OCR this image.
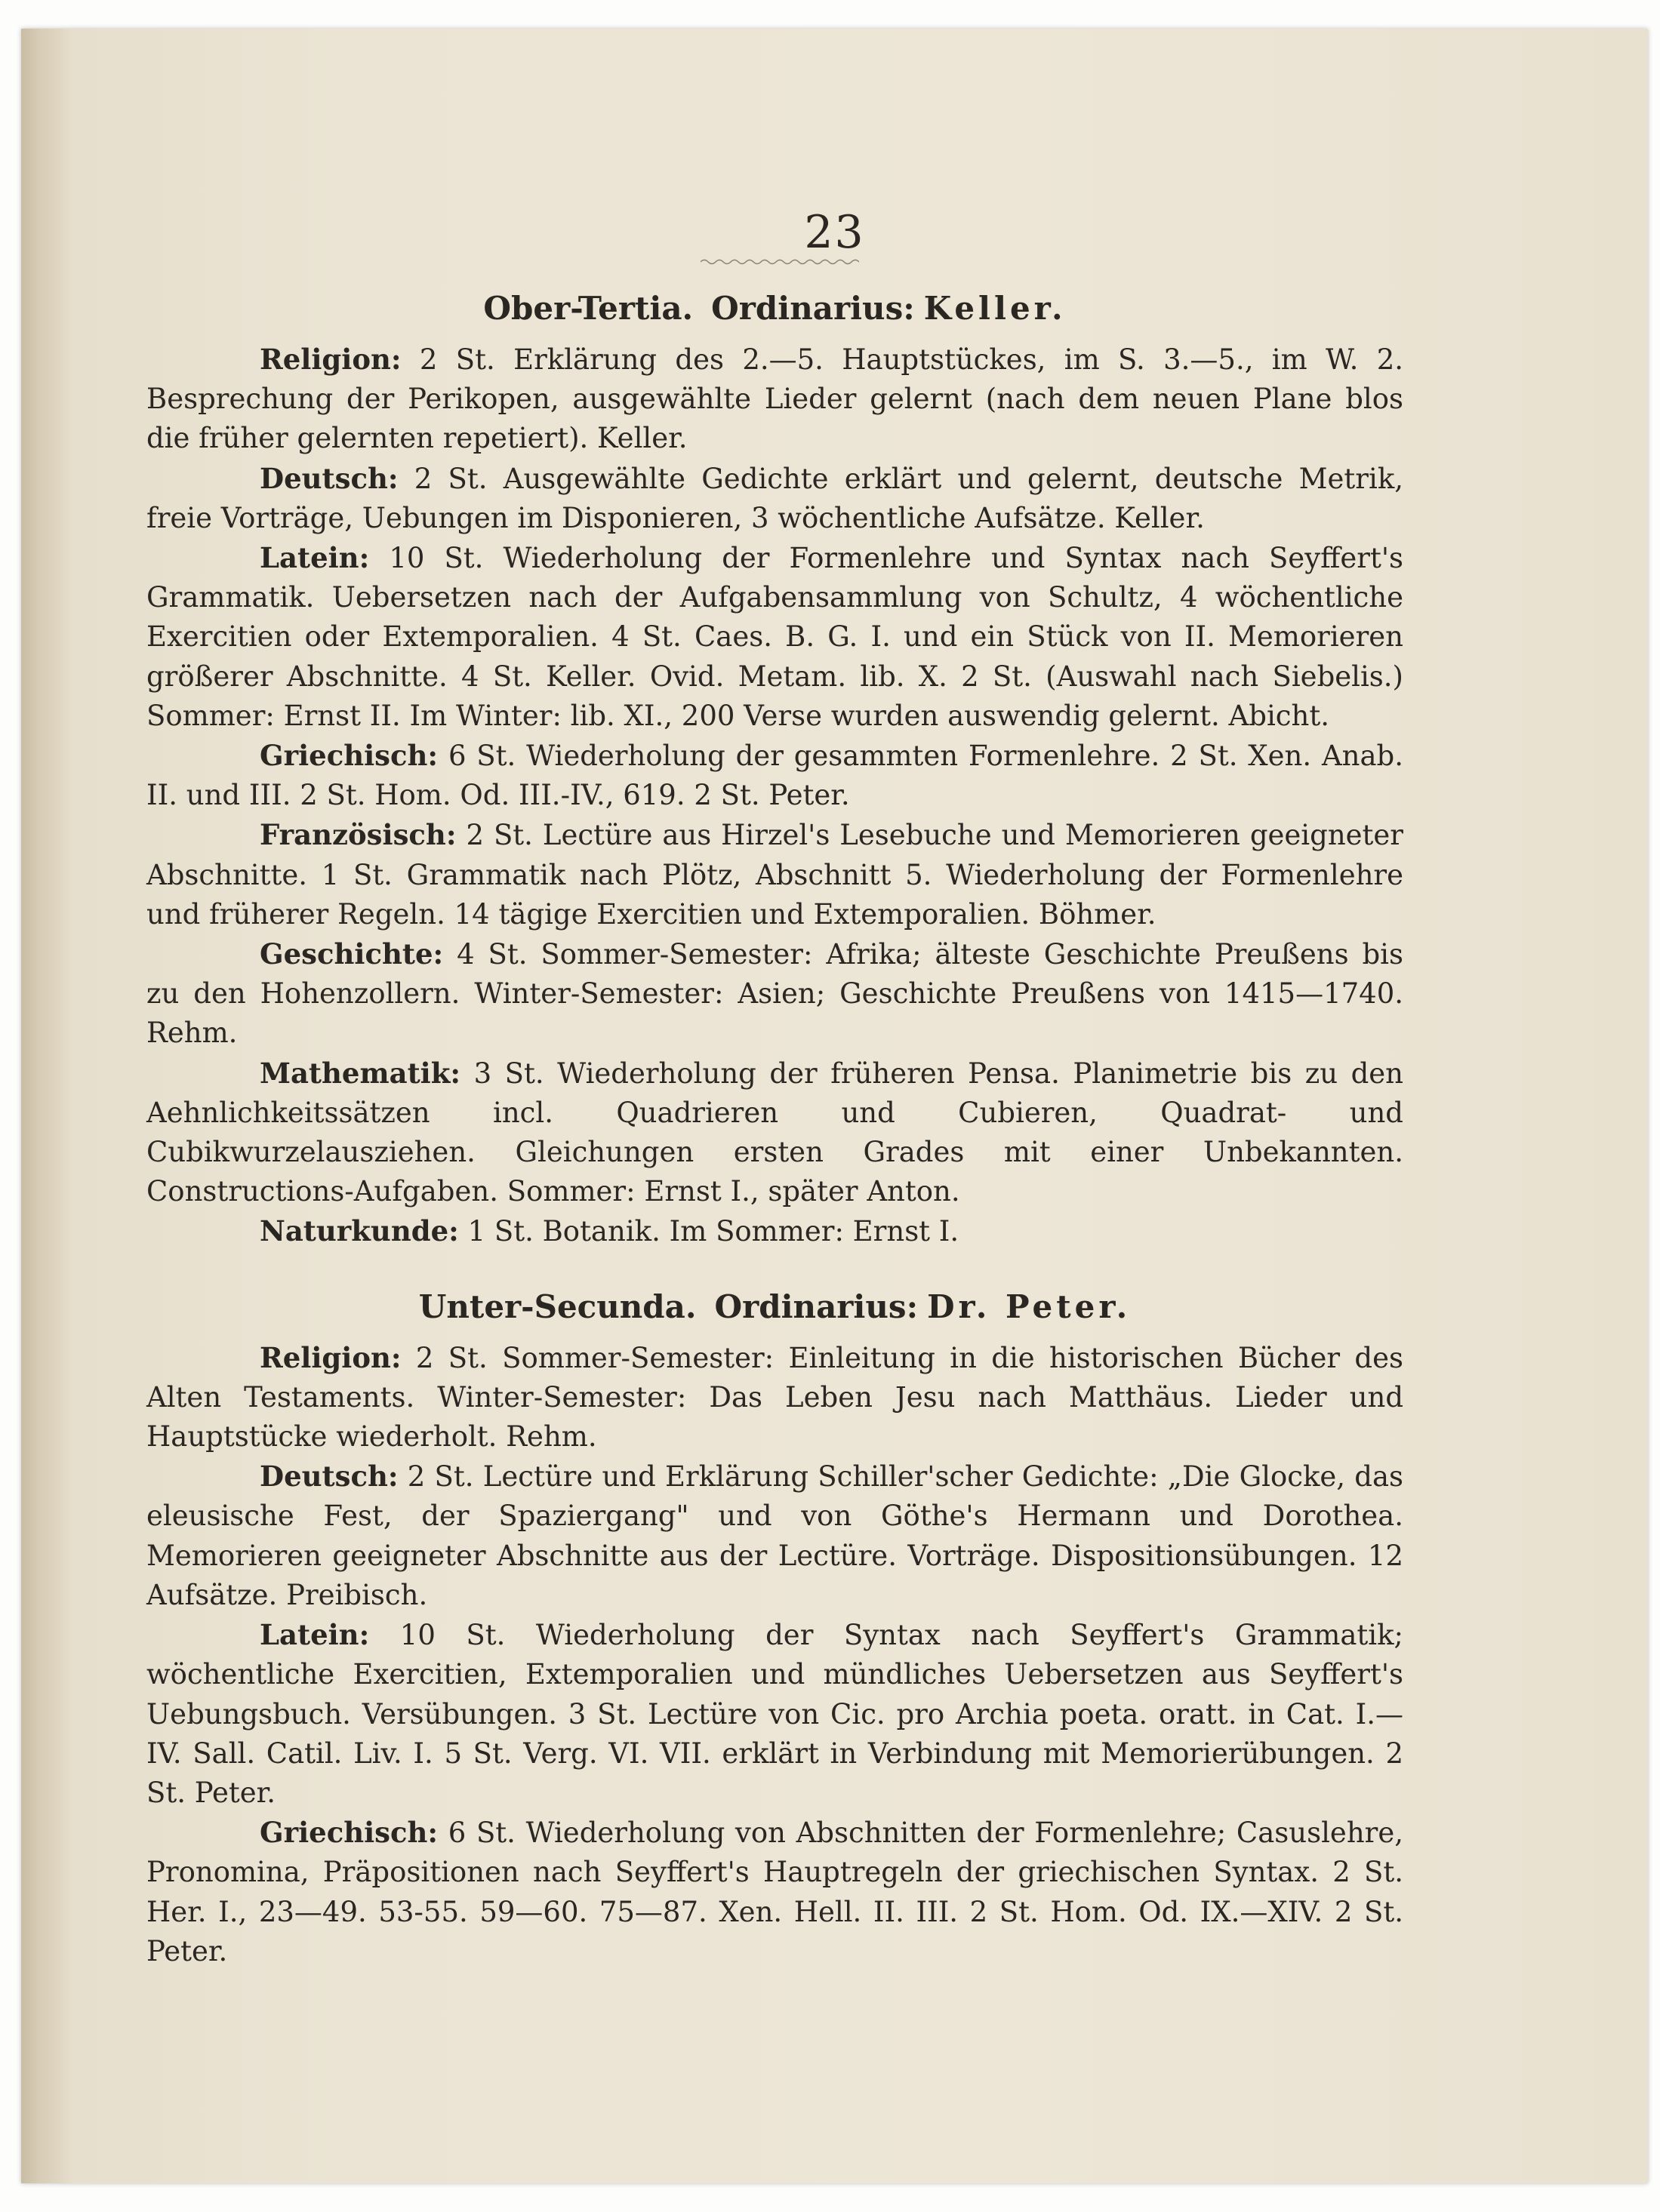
23
Ober-Tertia. Ordinarius: Keller.

Religion: 2 St. Erklärung des 2.—5. Hauptstückes, im S. 3.—5., im W. 2. Besprechung der Perikopen, ausgewählte Lieder gelernt (nach dem neuen Plane blos die früher gelernten repetiert). Keller.

Deutsch: 2 St. Ausgewählte Gedichte erklärt und gelernt, deutsche Metrik, freie Vorträge, Uebungen im Disponieren, 3 wöchentliche Aufsätze. Keller.

Latein: 10 St. Wiederholung der Formenlehre und Syntax nach Seyffert's Grammatik. Uebersetzen nach der Aufgabensammlung von Schultz, 4 wöchentliche Exercitien oder Extemporalien. 4 St. Caes. B. G. I. und ein Stück von II. Memorieren größerer Abschnitte. 4 St. Keller. Ovid. Metam. lib. X. 2 St. (Auswahl nach Siebelis.) Sommer: Ernst II. Im Winter: lib. XI., 200 Verse wurden auswendig gelernt. Abicht.

Griechisch: 6 St. Wiederholung der gesammten Formenlehre. 2 St. Xen. Anab. II. und III. 2 St. Hom. Od. III.-IV., 619. 2 St. Peter.

Französisch: 2 St. Lectüre aus Hirzel's Lesebuche und Memorieren geeigneter Abschnitte. 1 St. Grammatik nach Plötz, Abschnitt 5. Wiederholung der Formenlehre und früherer Regeln. 14 tägige Exercitien und Extemporalien. Böhmer.

Geschichte: 4 St. Sommer-Semester: Afrika; älteste Geschichte Preußens bis zu den Hohenzollern. Winter-Semester: Asien; Geschichte Preußens von 1415—1740. Rehm.

Mathematik: 3 St. Wiederholung der früheren Pensa. Planimetrie bis zu den Aehnlichkeitssätzen incl. Quadrieren und Cubieren, Quadrat- und Cubikwurzelausziehen. Gleichungen ersten Grades mit einer Unbekannten. Constructions-Aufgaben. Sommer: Ernst I., später Anton.

Naturkunde: 1 St. Botanik. Im Sommer: Ernst I.

Unter-Secunda. Ordinarius: Dr. Peter.

Religion: 2 St. Sommer-Semester: Einleitung in die historischen Bücher des Alten Testaments. Winter-Semester: Das Leben Jesu nach Matthäus. Lieder und Hauptstücke wiederholt. Rehm.

Deutsch: 2 St. Lectüre und Erklärung Schiller'scher Gedichte: „Die Glocke, das eleusische Fest, der Spaziergang" und von Göthe's Hermann und Dorothea. Memorieren geeigneter Abschnitte aus der Lectüre. Vorträge. Dispositionsübungen. 12 Aufsätze. Preibisch.

Latein: 10 St. Wiederholung der Syntax nach Seyffert's Grammatik; wöchentliche Exercitien, Extemporalien und mündliches Uebersetzen aus Seyffert's Uebungsbuch. Versübungen. 3 St. Lectüre von Cic. pro Archia poeta. oratt. in Cat. I.—IV. Sall. Catil. Liv. I. 5 St. Verg. VI. VII. erklärt in Verbindung mit Memorierübungen. 2 St. Peter.

Griechisch: 6 St. Wiederholung von Abschnitten der Formenlehre; Casuslehre, Pronomina, Präpositionen nach Seyffert's Hauptregeln der griechischen Syntax. 2 St. Her. I., 23—49. 53-55. 59—60. 75—87. Xen. Hell. II. III. 2 St. Hom. Od. IX.—XIV. 2 St. Peter.
